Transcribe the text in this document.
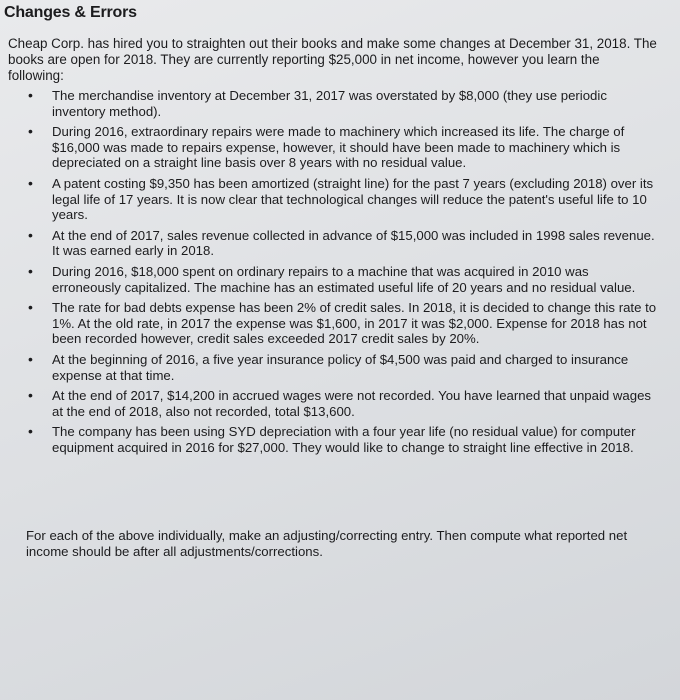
Changes & Errors
Cheap Corp. has hired you to straighten out their books and make some changes at December 31, 2018. The books are open for 2018. They are currently reporting $25,000 in net income, however you learn the following:
• The merchandise inventory at December 31, 2017 was overstated by $8,000 (they use periodic inventory method).
• During 2016, extraordinary repairs were made to machinery which increased its life. The charge of $16,000 was made to repairs expense, however, it should have been made to machinery which is depreciated on a straight line basis over 8 years with no residual value.
• A patent costing $9,350 has been amortized (straight line) for the past 7 years (excluding 2018) over its legal life of 17 years. It is now clear that technological changes will reduce the patent's useful life to 10 years.
• At the end of 2017, sales revenue collected in advance of $15,000 was included in 1998 sales revenue. It was earned early in 2018.
• During 2016, $18,000 spent on ordinary repairs to a machine that was acquired in 2010 was erroneously capitalized. The machine has an estimated useful life of 20 years and no residual value.
• The rate for bad debts expense has been 2% of credit sales. In 2018, it is decided to change this rate to 1%. At the old rate, in 2017 the expense was $1,600, in 2017 it was $2,000. Expense for 2018 has not been recorded however, credit sales exceeded 2017 credit sales by 20%.
• At the beginning of 2016, a five year insurance policy of $4,500 was paid and charged to insurance expense at that time.
• At the end of 2017, $14,200 in accrued wages were not recorded. You have learned that unpaid wages at the end of 2018, also not recorded, total $13,600.
• The company has been using SYD depreciation with a four year life (no residual value) for computer equipment acquired in 2016 for $27,000. They would like to change to straight line effective in 2018.
For each of the above individually, make an adjusting/correcting entry. Then compute what reported net income should be after all adjustments/corrections.
